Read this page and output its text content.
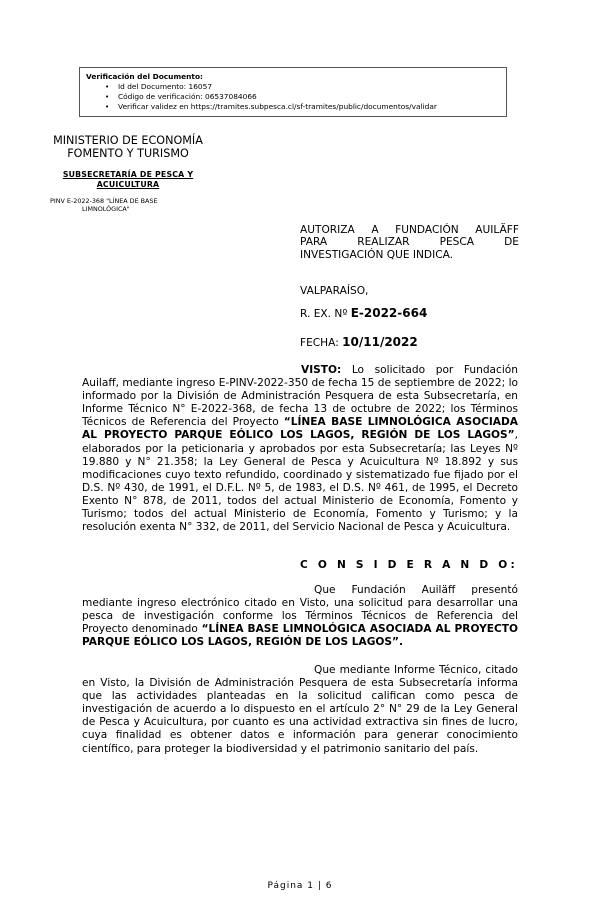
Verificación del Documento:
• Id del Documento: 16057
• Código de verificación: 06537084066
• Verificar validez en https://tramites.subpesca.cl/sf-tramites/public/documentos/validar
MINISTERIO DE ECONOMÍA
FOMENTO Y TURISMO
SUBSECRETARÍA DE PESCA Y
ACUICULTURA
PINV E-2022-368 "LÍNEA DE BASE
LIMNOLÓGICA"
AUTORIZA A FUNDACIÓN AUILÄFF
PARA REALIZAR PESCA DE
INVESTIGACIÓN QUE INDICA.
VALPARAÍSO,
R. EX. Nº E-2022-664
FECHA: 10/11/2022
VISTO: Lo solicitado por Fundación Auilaff, mediante ingreso E-PINV-2022-350 de fecha 15 de septiembre de 2022; lo informado por la División de Administración Pesquera de esta Subsecretaría, en Informe Técnico N° E-2022-368, de fecha 13 de octubre de 2022; los Términos Técnicos de Referencia del Proyecto “LÍNEA BASE LIMNOLÓGICA ASOCIADA AL PROYECTO PARQUE EÓLICO LOS LAGOS, REGIÓN DE LOS LAGOS”, elaborados por la peticionaria y aprobados por esta Subsecretaría; las Leyes Nº 19.880 y N° 21.358; la Ley General de Pesca y Acuicultura Nº 18.892 y sus modificaciones cuyo texto refundido, coordinado y sistematizado fue fijado por el D.S. Nº 430, de 1991, el D.F.L. Nº 5, de 1983, el D.S. Nº 461, de 1995, el Decreto Exento N° 878, de 2011, todos del actual Ministerio de Economía, Fomento y Turismo; todos del actual Ministerio de Economía, Fomento y Turismo; y la resolución exenta N° 332, de 2011, del Servicio Nacional de Pesca y Acuicultura.
C O N S I D E R A N D O:
Que Fundación Auiläff presentó mediante ingreso electrónico citado en Visto, una solicitud para desarrollar una pesca de investigación conforme los Términos Técnicos de Referencia del Proyecto denominado “LÍNEA BASE LIMNOLÓGICA ASOCIADA AL PROYECTO PARQUE EÓLICO LOS LAGOS, REGIÓN DE LOS LAGOS”.
Que mediante Informe Técnico, citado en Visto, la División de Administración Pesquera de esta Subsecretaría informa que las actividades planteadas en la solicitud califican como pesca de investigación de acuerdo a lo dispuesto en el artículo 2° N° 29 de la Ley General de Pesca y Acuicultura, por cuanto es una actividad extractiva sin fines de lucro, cuya finalidad es obtener datos e información para generar conocimiento científico, para proteger la biodiversidad y el patrimonio sanitario del país.
Página 1 | 6
